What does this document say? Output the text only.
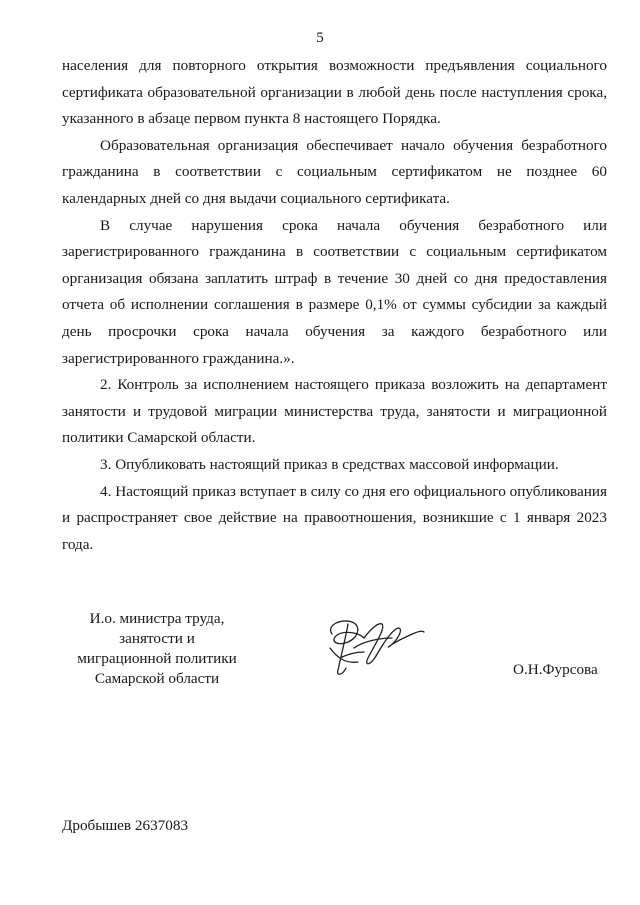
5

населения для повторного открытия возможности предъявления социального сертификата образовательной организации в любой день после наступления срока, указанного в абзаце первом пункта 8 настоящего Порядка.

Образовательная организация обеспечивает начало обучения безработного гражданина в соответствии с социальным сертификатом не позднее 60 календарных дней со дня выдачи социального сертификата.

В случае нарушения срока начала обучения безработного или зарегистрированного гражданина в соответствии с социальным сертификатом организация обязана заплатить штраф в течение 30 дней со дня предоставления отчета об исполнении соглашения в размере 0,1% от суммы субсидии за каждый день просрочки срока начала обучения за каждого безработного или зарегистрированного гражданина.».

2. Контроль за исполнением настоящего приказа возложить на департамент занятости и трудовой миграции министерства труда, занятости и миграционной политики Самарской области.

3. Опубликовать настоящий приказ в средствах массовой информации.

4. Настоящий приказ вступает в силу со дня его официального опубликования и распространяет свое действие на правоотношения, возникшие с 1 января 2023 года.

И.о. министра труда,
занятости и
миграционной политики
Самарской области
О.Н.Фурсова
Дробышев 2637083
